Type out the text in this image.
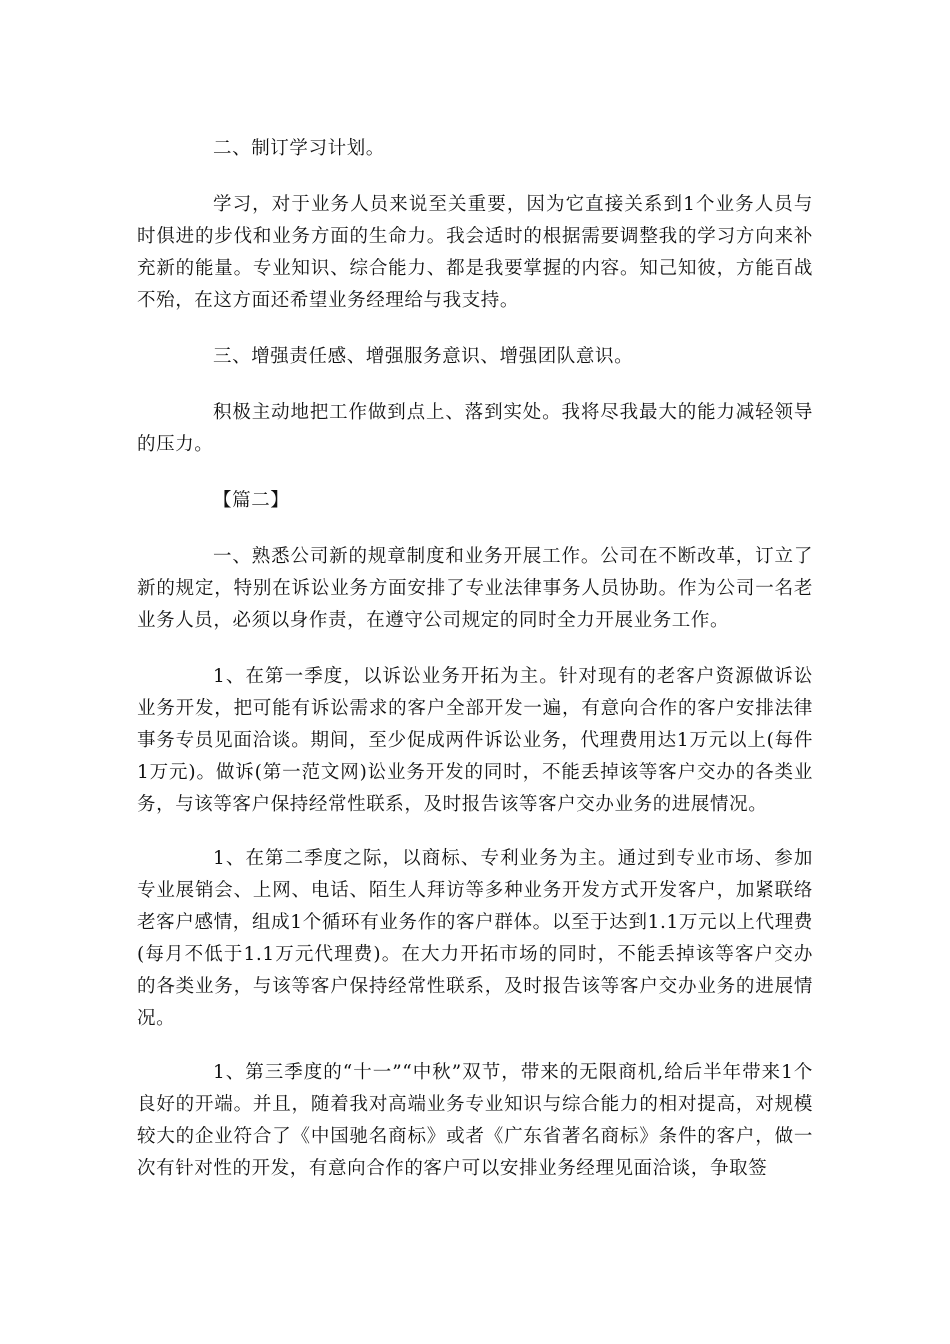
二、制订学习计划。

学习，对于业务人员来说至关重要，因为它直接关系到1个业务人员与时俱进的步伐和业务方面的生命力。我会适时的根据需要调整我的学习方向来补充新的能量。专业知识、综合能力、都是我要掌握的内容。知己知彼，方能百战不殆，在这方面还希望业务经理给与我支持。

三、增强责任感、增强服务意识、增强团队意识。

积极主动地把工作做到点上、落到实处。我将尽我最大的能力减轻领导的压力。

【篇二】

一、熟悉公司新的规章制度和业务开展工作。公司在不断改革，订立了新的规定，特别在诉讼业务方面安排了专业法律事务人员协助。作为公司一名老业务人员，必须以身作责，在遵守公司规定的同时全力开展业务工作。

1、在第一季度，以诉讼业务开拓为主。针对现有的老客户资源做诉讼业务开发，把可能有诉讼需求的客户全部开发一遍，有意向合作的客户安排法律事务专员见面洽谈。期间，至少促成两件诉讼业务，代理费用达1万元以上(每件1万元)。做诉(第一范文网)讼业务开发的同时，不能丢掉该等客户交办的各类业务，与该等客户保持经常性联系，及时报告该等客户交办业务的进展情况。

1、在第二季度之际，以商标、专利业务为主。通过到专业市场、参加专业展销会、上网、电话、陌生人拜访等多种业务开发方式开发客户，加紧联络老客户感情，组成1个循环有业务作的客户群体。以至于达到1.1万元以上代理费(每月不低于1.1万元代理费)。在大力开拓市场的同时，不能丢掉该等客户交办的各类业务，与该等客户保持经常性联系，及时报告该等客户交办业务的进展情况。

1、第三季度的“十一”“中秋”双节，带来的无限商机,给后半年带来1个良好的开端。并且，随着我对高端业务专业知识与综合能力的相对提高，对规模较大的企业符合了《中国驰名商标》或者《广东省著名商标》条件的客户，做一次有针对性的开发，有意向合作的客户可以安排业务经理见面洽谈，争取签
